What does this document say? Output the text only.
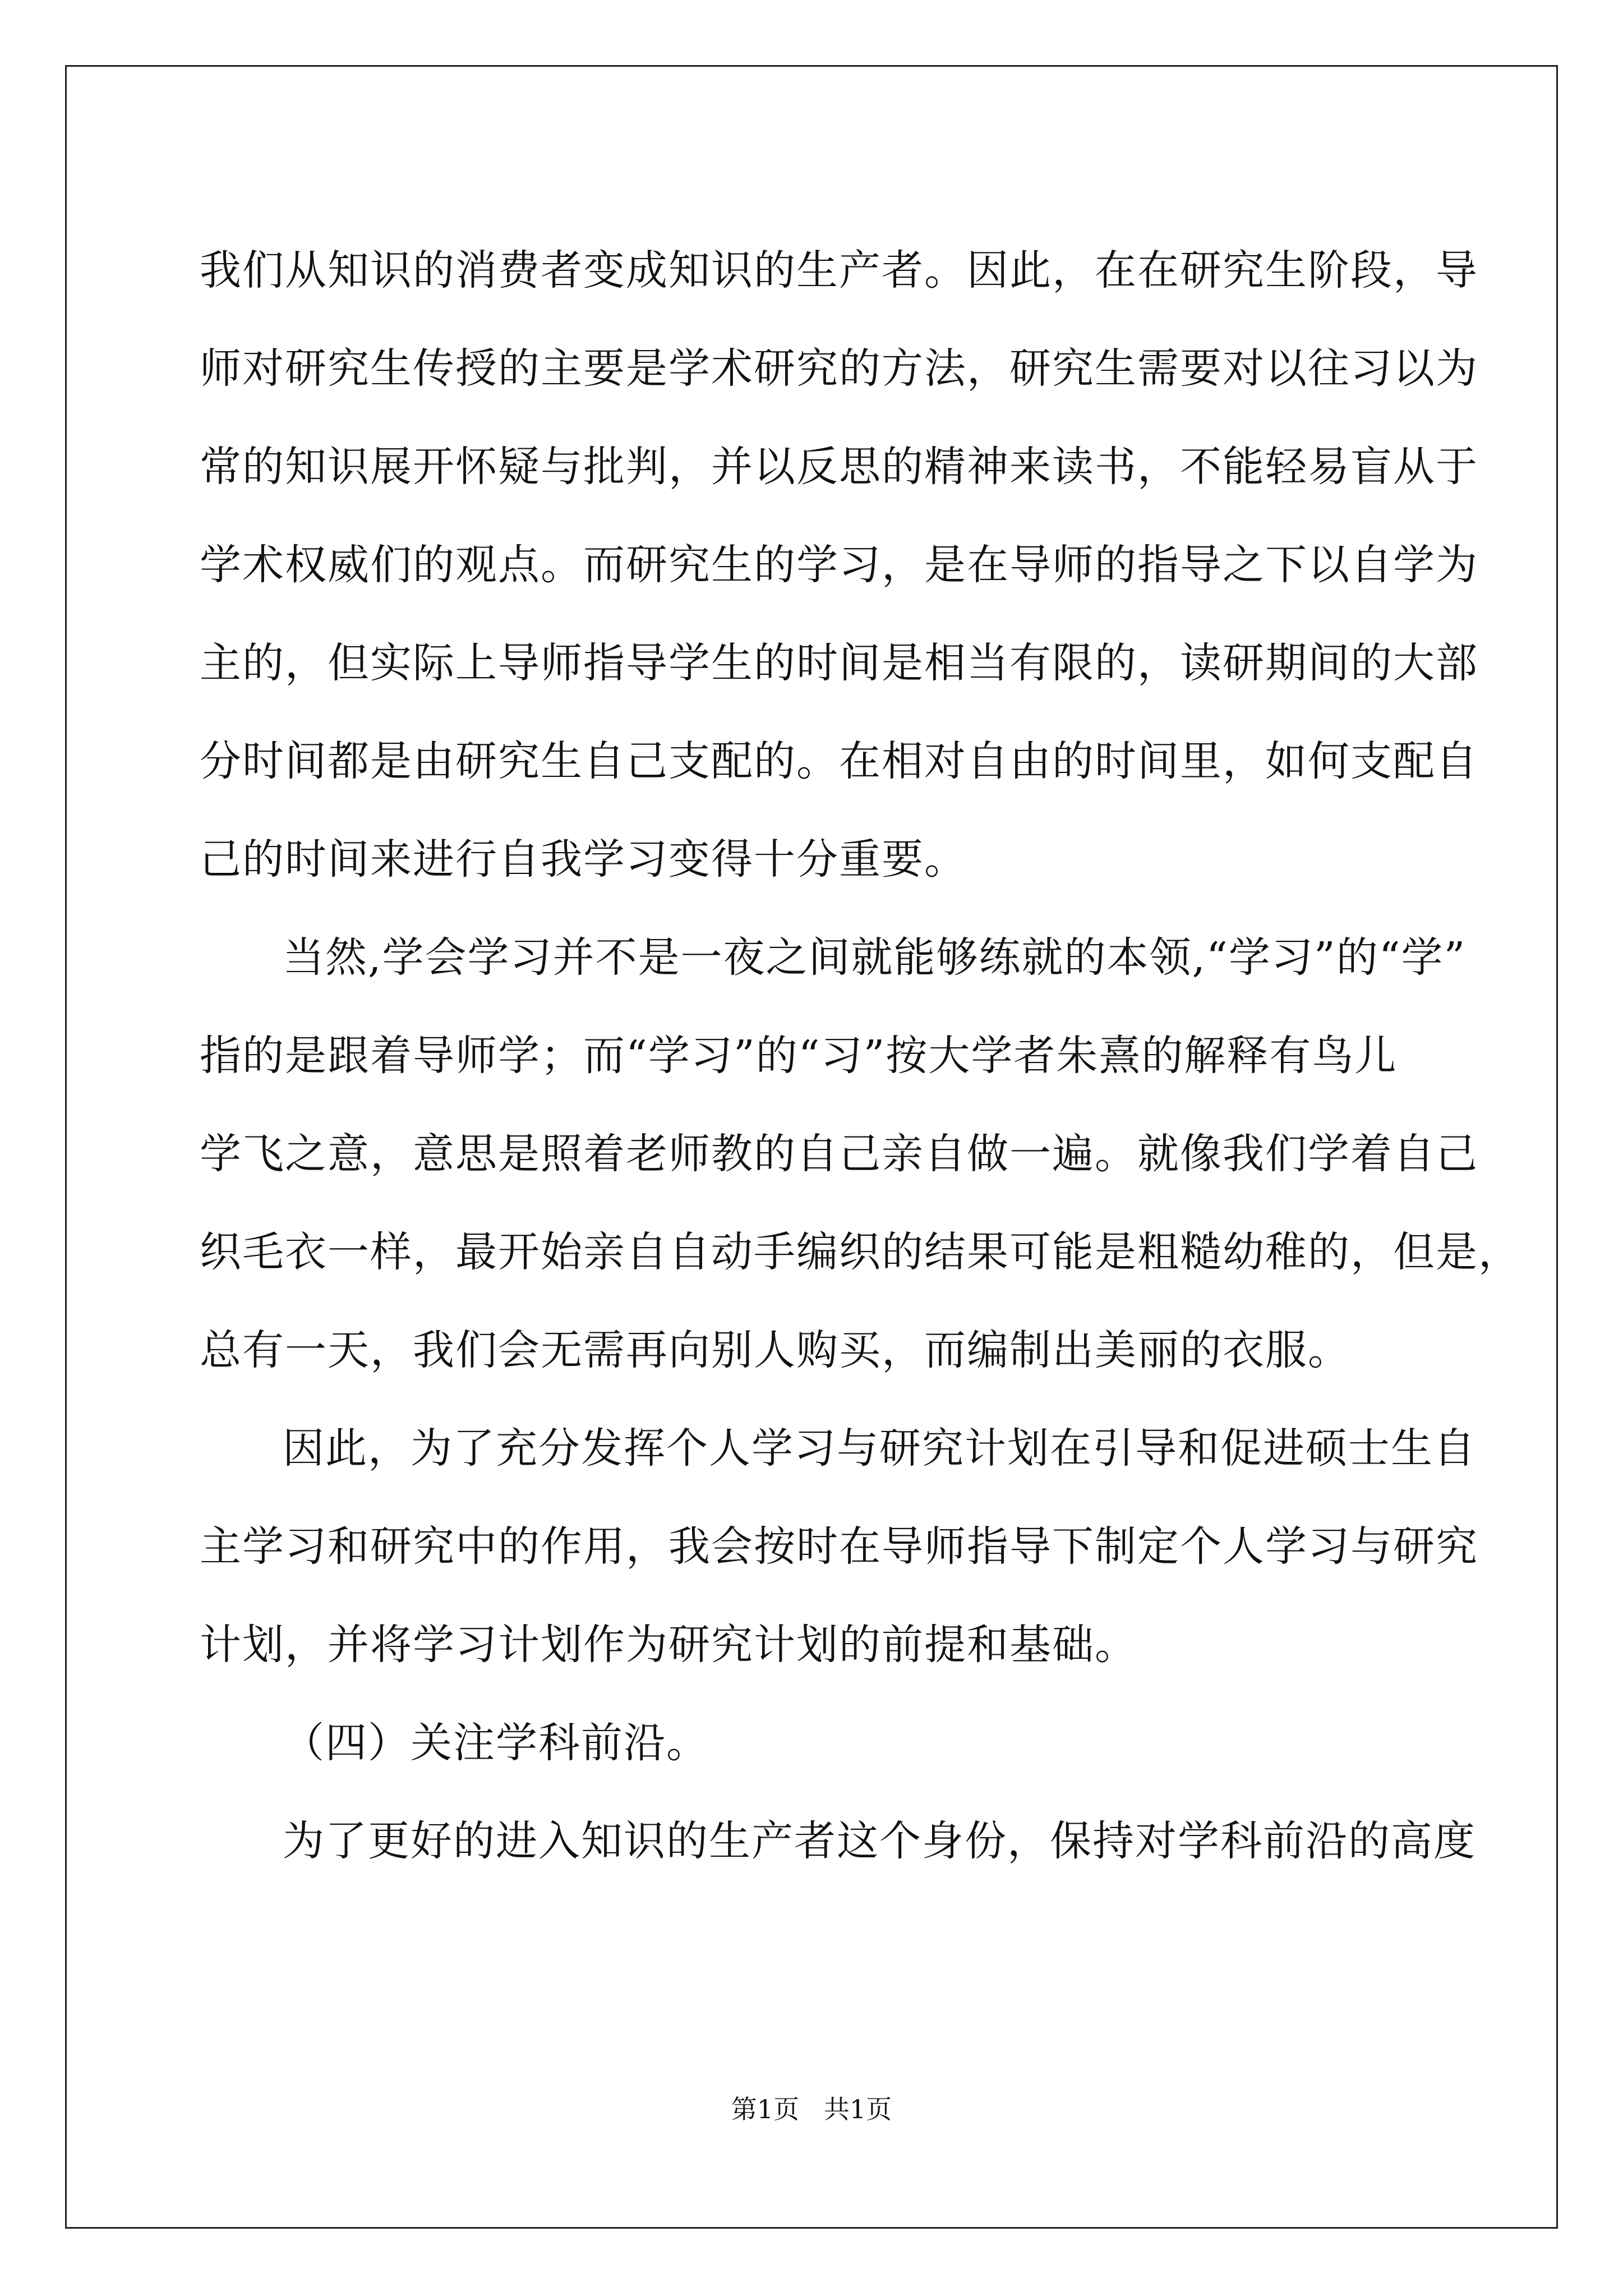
我们从知识的消费者变成知识的生产者。因此，在在研究生阶段，导
师对研究生传授的主要是学术研究的方法，研究生需要对以往习以为
常的知识展开怀疑与批判，并以反思的精神来读书，不能轻易盲从于
学术权威们的观点。而研究生的学习，是在导师的指导之下以自学为
主的，但实际上导师指导学生的时间是相当有限的，读研期间的大部
分时间都是由研究生自己支配的。在相对自由的时间里，如何支配自
己的时间来进行自我学习变得十分重要。
当然,学会学习并不是一夜之间就能够练就的本领,“学习”的“学”
指的是跟着导师学；而“学习”的“习”按大学者朱熹的解释有鸟儿
学飞之意，意思是照着老师教的自己亲自做一遍。就像我们学着自己
织毛衣一样，最开始亲自自动手编织的结果可能是粗糙幼稚的，但是，
总有一天，我们会无需再向别人购买，而编制出美丽的衣服。
因此，为了充分发挥个人学习与研究计划在引导和促进硕士生自
主学习和研究中的作用，我会按时在导师指导下制定个人学习与研究
计划，并将学习计划作为研究计划的前提和基础。
（四）关注学科前沿。
为了更好的进入知识的生产者这个身份，保持对学科前沿的高度
第1页   共1页
